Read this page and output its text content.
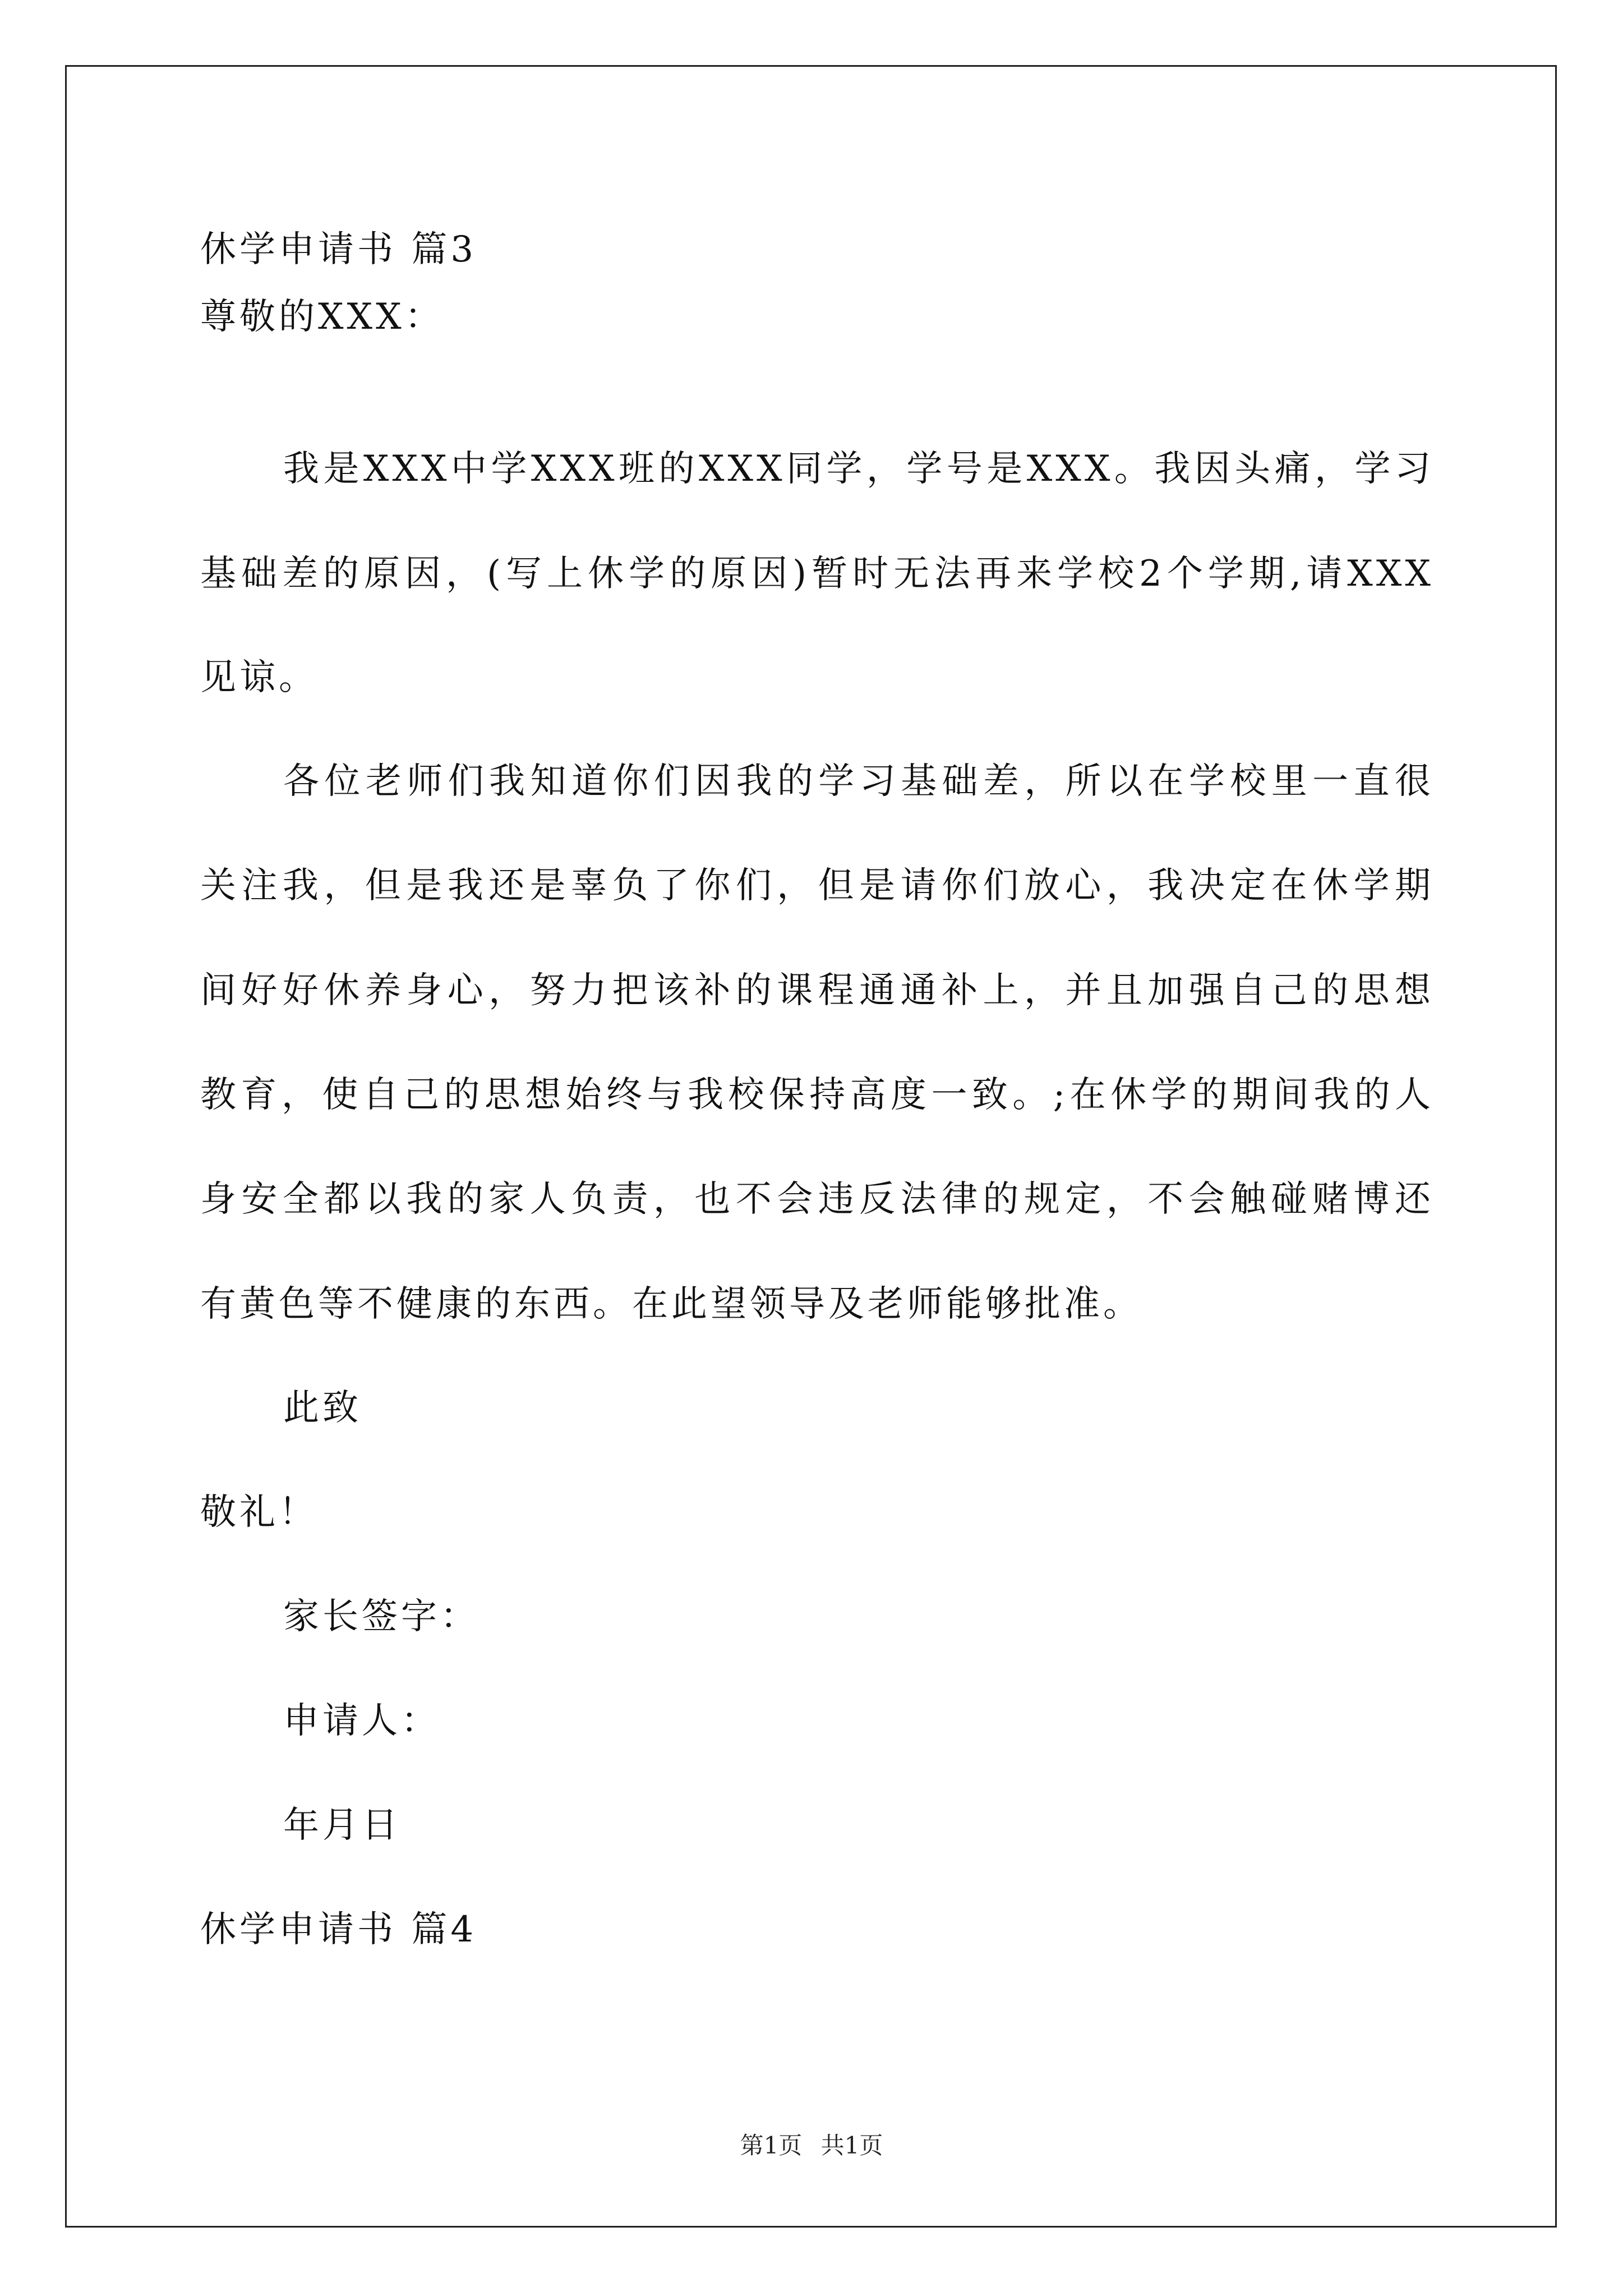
休学申请书 篇3
尊敬的XXX：
我是XXX中学XXX班的XXX同学，学号是XXX。我因头痛，学习
基础差的原因，(写上休学的原因)暂时无法再来学校2个学期,请XXX
见谅。
各位老师们我知道你们因我的学习基础差，所以在学校里一直很
关注我，但是我还是辜负了你们，但是请你们放心，我决定在休学期
间好好休养身心，努力把该补的课程通通补上，并且加强自己的思想
教育，使自己的思想始终与我校保持高度一致。;在休学的期间我的人
身安全都以我的家人负责，也不会违反法律的规定，不会触碰赌博还
有黄色等不健康的东西。在此望领导及老师能够批准。
此致
敬礼！
家长签字：
申请人：
年月日
休学申请书 篇4
第1页 共1页
